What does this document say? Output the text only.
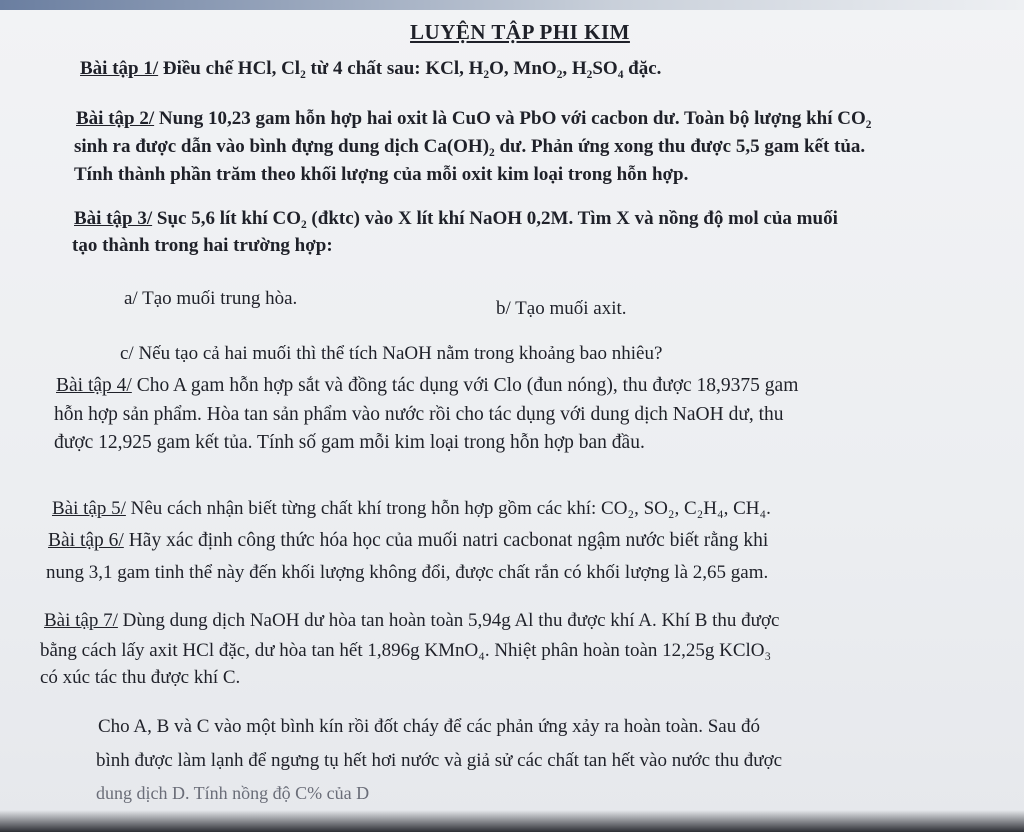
LUYỆN TẬP PHI KIM
Bài tập 1/ Điều chế HCl, Cl₂ từ 4 chất sau: KCl, H₂O, MnO₂, H₂SO₄ đặc.
Bài tập 2/ Nung 10,23 gam hỗn hợp hai oxit là CuO và PbO với cacbon dư. Toàn bộ lượng khí CO₂
sinh ra được dẫn vào bình đựng dung dịch Ca(OH)₂ dư. Phản ứng xong thu được 5,5 gam kết tủa.
Tính thành phần trăm theo khối lượng của mỗi oxit kim loại trong hỗn hợp.
Bài tập 3/ Sục 5,6 lít khí CO₂ (đktc) vào X lít khí NaOH 0,2M. Tìm X và nồng độ mol của muối
tạo thành trong hai trường hợp:
a/ Tạo muối trung hòa.	b/ Tạo muối axit.
c/ Nếu tạo cả hai muối thì thể tích NaOH nằm trong khoảng bao nhiêu?
Bài tập 4/ Cho A gam hỗn hợp sắt và đồng tác dụng với Clo (đun nóng), thu được 18,9375 gam
hỗn hợp sản phẩm. Hòa tan sản phẩm vào nước rồi cho tác dụng với dung dịch NaOH dư, thu
được 12,925 gam kết tủa. Tính số gam mỗi kim loại trong hỗn hợp ban đầu.
Bài tập 5/ Nêu cách nhận biết từng chất khí trong hỗn hợp gồm các khí: CO₂, SO₂, C₂H₄, CH₄.
Bài tập 6/ Hãy xác định công thức hóa học của muối natri cacbonat ngậm nước biết rằng khi
nung 3,1 gam tinh thể này đến khối lượng không đổi, được chất rắn có khối lượng là 2,65 gam.
Bài tập 7/ Dùng dung dịch NaOH dư hòa tan hoàn toàn 5,94g Al thu được khí A. Khí B thu được
bằng cách lấy axit HCl đặc, dư hòa tan hết 1,896g KMnO₄. Nhiệt phân hoàn toàn 12,25g KClO₃
có xúc tác thu được khí C.
Cho A, B và C vào một bình kín rồi đốt cháy để các phản ứng xảy ra hoàn toàn. Sau đó
bình được làm lạnh để ngưng tụ hết hơi nước và giả sử các chất tan hết vào nước thu được
dung dịch D. Tính nồng độ C% của D
